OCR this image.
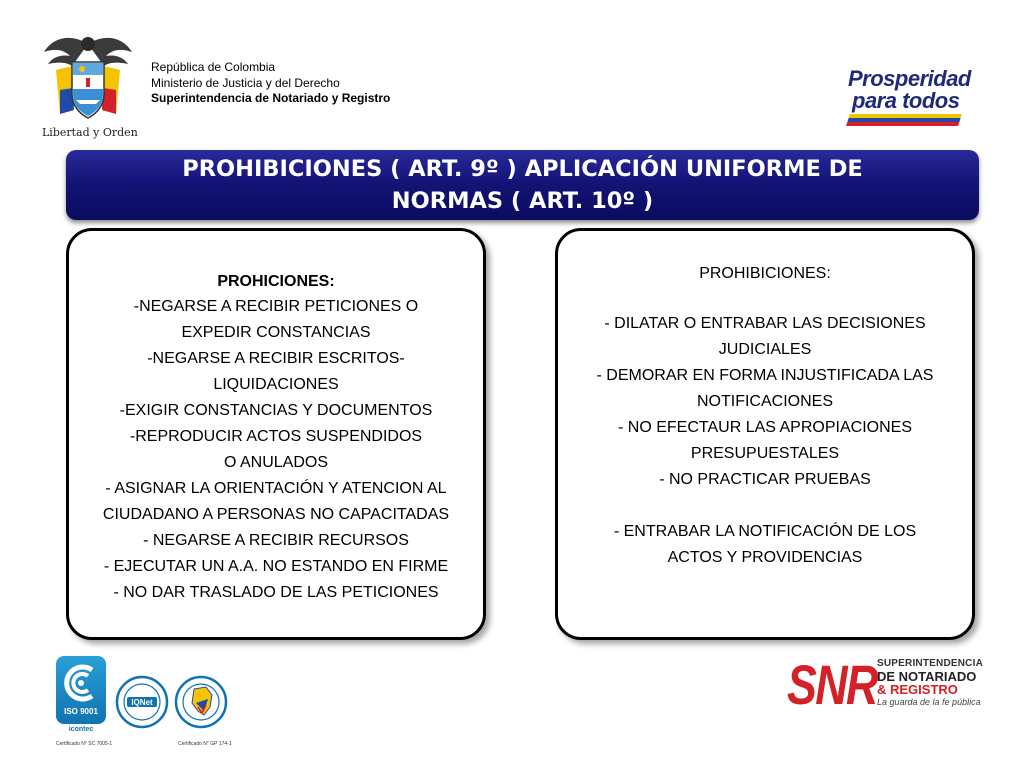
Libertad y Orden
República de Colombia
Ministerio de Justicia y del Derecho
Superintendencia de Notariado y Registro
Prosperidad
para todos
PROHIBICIONES ( ART. 9º ) APLICACIÓN UNIFORME DE
NORMAS ( ART. 10º )
PROHICIONES:
-NEGARSE A RECIBIR PETICIONES O
EXPEDIR CONSTANCIAS
-NEGARSE A RECIBIR ESCRITOS-
LIQUIDACIONES
-EXIGIR CONSTANCIAS Y DOCUMENTOS
-REPRODUCIR ACTOS SUSPENDIDOS
O ANULADOS
- ASIGNAR LA ORIENTACIÓN Y ATENCION AL
CIUDADANO A PERSONAS NO CAPACITADAS
- NEGARSE A RECIBIR RECURSOS
- EJECUTAR UN A.A. NO ESTANDO EN FIRME
- NO DAR TRASLADO DE LAS PETICIONES
PROHIBICIONES:
- DILATAR O ENTRABAR LAS DECISIONES
JUDICIALES
- DEMORAR EN FORMA INJUSTIFICADA LAS
NOTIFICACIONES
- NO EFECTAUR LAS APROPIACIONES
PRESUPUESTALES
- NO PRACTICAR PRUEBAS
- ENTRABAR LA NOTIFICACIÓN DE LOS
ACTOS Y PROVIDENCIAS
ISO 9001
icontec
Certificado N° SC 7005-1
IQNet
Certificado N° GP 174-1
SNR SUPERINTENDENCIA
DE NOTARIADO
& REGISTRO
La guarda de la fe pública
